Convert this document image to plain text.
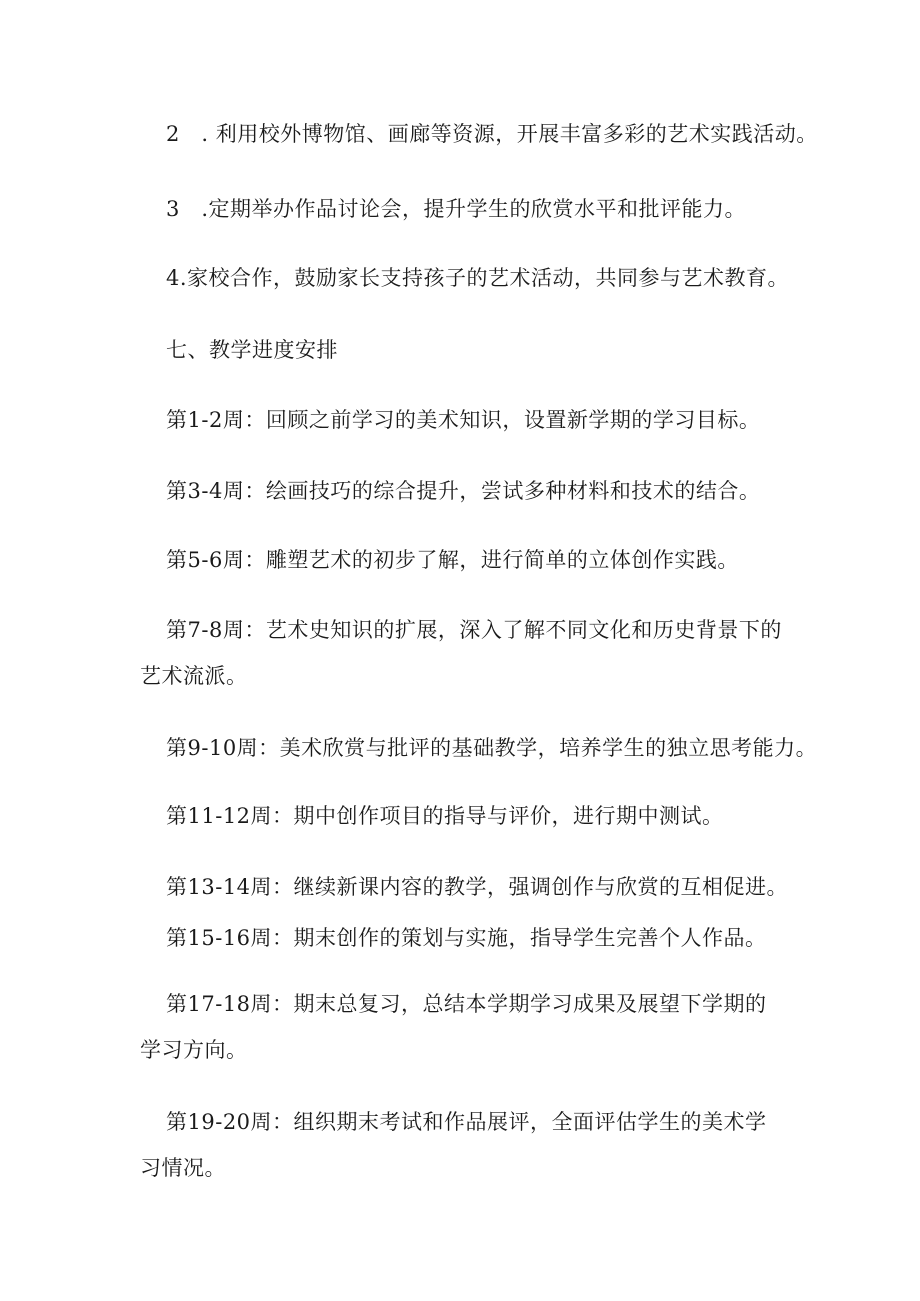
2　. 利用校外博物馆、画廊等资源，开展丰富多彩的艺术实践活动。
3　.定期举办作品讨论会，提升学生的欣赏水平和批评能力。
4.家校合作，鼓励家长支持孩子的艺术活动，共同参与艺术教育。
七、教学进度安排
第1-2周：回顾之前学习的美术知识，设置新学期的学习目标。
第3-4周：绘画技巧的综合提升，尝试多种材料和技术的结合。
第5-6周：雕塑艺术的初步了解，进行简单的立体创作实践。
第7-8周：艺术史知识的扩展，深入了解不同文化和历史背景下的
艺术流派。
第9-10周：美术欣赏与批评的基础教学，培养学生的独立思考能力。
第11-12周：期中创作项目的指导与评价，进行期中测试。
第13-14周：继续新课内容的教学，强调创作与欣赏的互相促进。
第15-16周：期末创作的策划与实施，指导学生完善个人作品。
第17-18周：期末总复习，总结本学期学习成果及展望下学期的
学习方向。
第19-20周：组织期末考试和作品展评，全面评估学生的美术学
习情况。
